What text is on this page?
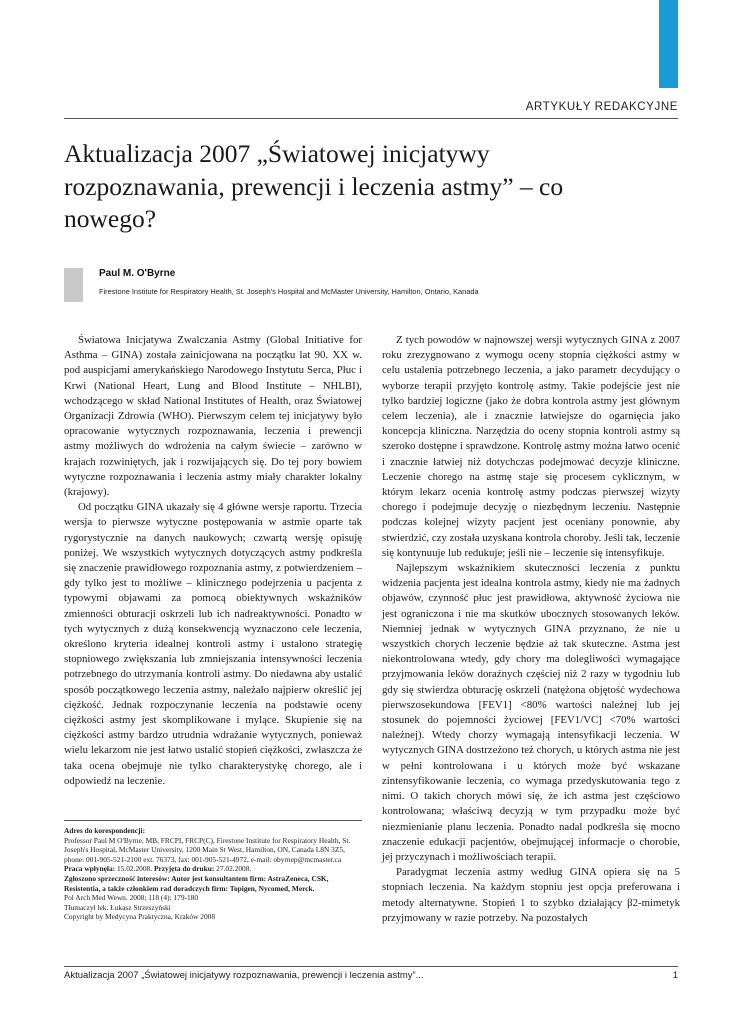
ARTYKUŁY REDAKCYJNE
Aktualizacja 2007 „Światowej inicjatywy rozpoznawania, prewencji i leczenia astmy” – co nowego?
Paul M. O'Byrne
Firestone Institute for Respiratory Health, St. Joseph's Hospital and McMaster University, Hamilton, Ontario, Kanada

Światowa Inicjatywa Zwalczania Astmy (Global Initiative for Asthma – GINA) została zainicjowana na początku lat 90. XX w. pod auspicjami amerykańskiego Narodowego Instytutu Serca, Płuc i Krwi (National Heart, Lung and Blood Institute – NHLBI), wchodzącego w skład National Institutes of Health, oraz Światowej Organizacji Zdrowia (WHO). Pierwszym celem tej inicjatywy było opracowanie wytycznych rozpoznawania, leczenia i prewencji astmy możliwych do wdrożenia na całym świecie – zarówno w krajach rozwiniętych, jak i rozwijających się. Do tej pory bowiem wytyczne rozpoznawania i leczenia astmy miały charakter lokalny (krajowy).

Od początku GINA ukazały się 4 główne wersje raportu. Trzecia wersja to pierwsze wytyczne postępowania w astmie oparte tak rygorystycznie na danych naukowych; czwartą wersję opisuję poniżej. We wszystkich wytycznych dotyczących astmy podkreśla się znaczenie prawidłowego rozpoznania astmy, z potwierdzeniem – gdy tylko jest to możliwe – klinicznego podejrzenia u pacjenta z typowymi objawami za pomocą obiektywnych wskaźników zmienności obturacji oskrzeli lub ich nadreaktywności. Ponadto w tych wytycznych z dużą konsekwencją wyznaczono cele leczenia, określono kryteria idealnej kontroli astmy i ustalono strategię stopniowego zwiększania lub zmniejszania intensywności leczenia potrzebnego do utrzymania kontroli astmy. Do niedawna aby ustalić sposób początkowego leczenia astmy, należało najpierw określić jej ciężkość. Jednak rozpoczynanie leczenia na podstawie oceny ciężkości astmy jest skomplikowane i mylące. Skupienie się na ciężkości astmy bardzo utrudnia wdrażanie wytycznych, ponieważ wielu lekarzom nie jest łatwo ustalić stopień ciężkości, zwłaszcza że taka ocena obejmuje nie tylko charakterystykę chorego, ale i odpowiedź na leczenie.

Z tych powodów w najnowszej wersji wytycznych GINA z 2007 roku zrezygnowano z wymogu oceny stopnia ciężkości astmy w celu ustalenia potrzebnego leczenia, a jako parametr decydujący o wyborze terapii przyjęto kontrolę astmy. Takie podejście jest nie tylko bardziej logiczne (jako że dobra kontrola astmy jest głównym celem leczenia), ale i znacznie łatwiejsze do ogarnięcia jako koncepcja kliniczna. Narzędzia do oceny stopnia kontroli astmy są szeroko dostępne i sprawdzone. Kontrolę astmy można łatwo ocenić i znacznie łatwiej niż dotychczas podejmować decyzje kliniczne. Leczenie chorego na astmę staje się procesem cyklicznym, w którym lekarz ocenia kontrolę astmy podczas pierwszej wizyty chorego i podejmuje decyzję o niezbędnym leczeniu. Następnie podczas kolejnej wizyty pacjent jest oceniany ponownie, aby stwierdzić, czy została uzyskana kontrola choroby. Jeśli tak, leczenie się kontynuuje lub redukuje; jeśli nie – leczenie się intensyfikuje.

Najlepszym wskaźnikiem skuteczności leczenia z punktu widzenia pacjenta jest idealna kontrola astmy, kiedy nie ma żadnych objawów, czynność płuc jest prawidłowa, aktywność życiowa nie jest ograniczona i nie ma skutków ubocznych stosowanych leków. Niemniej jednak w wytycznych GINA przyznano, że nie u wszystkich chorych leczenie będzie aż tak skuteczne. Astma jest niekontrolowana wtedy, gdy chory ma dolegliwości wymagające przyjmowania leków doraźnych częściej niż 2 razy w tygodniu lub gdy się stwierdza obturację oskrzeli (natężona objętość wydechowa pierwszosekundowa [FEV1] <80% wartości należnej lub jej stosunek do pojemności życiowej [FEV1/VC] <70% wartości należnej). Wtedy chorzy wymagają intensyfikacji leczenia. W wytycznych GINA dostrzeżono też chorych, u których astma nie jest w pełni kontrolowana i u których może być wskazane zintensyfikowanie leczenia, co wymaga przedyskutowania tego z nimi. O takich chorych mówi się, że ich astma jest częściowo kontrolowana; właściwą decyzją w tym przypadku może być niezmienianie planu leczenia. Ponadto nadal podkreśla się mocno znaczenie edukacji pacjentów, obejmującej informacje o chorobie, jej przyczynach i możliwościach terapii.

Paradygmat leczenia astmy według GINA opiera się na 5 stopniach leczenia. Na każdym stopniu jest opcja preferowana i metody alternatywne. Stopień 1 to szybko działający β2-mimetyk przyjmowany w razie potrzeby. Na pozostałych

Adres do korespondencji:

Professor Paul M O'Byrne, MB, FRCPI, FRCP(C), Firestone Institute for Respiratory Health, St. Joseph's Hospital, McMaster University, 1200 Main St West, Hamilton, ON, Canada L8N 3Z5, phone: 001-905-521-2100 ext. 76373, fax: 001-905-521-4972, e-mail: obyrnep@mcmaster.ca

Praca wpłynęła: 15.02.2008. Przyjęta do druku: 27.02.2008.

Zgłoszono sprzeczność interesów: Autor jest konsultantem firm: AstraZeneca, CSK, Resistentia, a także członkiem rad doradczych firm: Topigen, Nycomed, Merck.

Pol Arch Med Wewn. 2008; 118 (4): 179-180

Tłumaczył lek. Łukasz Strzeszyński

Copyright by Medycyna Praktyczna, Kraków 2008

Aktualizacja 2007 „Światowej inicjatywy rozpoznawania, prewencji i leczenia astmy”...	1
